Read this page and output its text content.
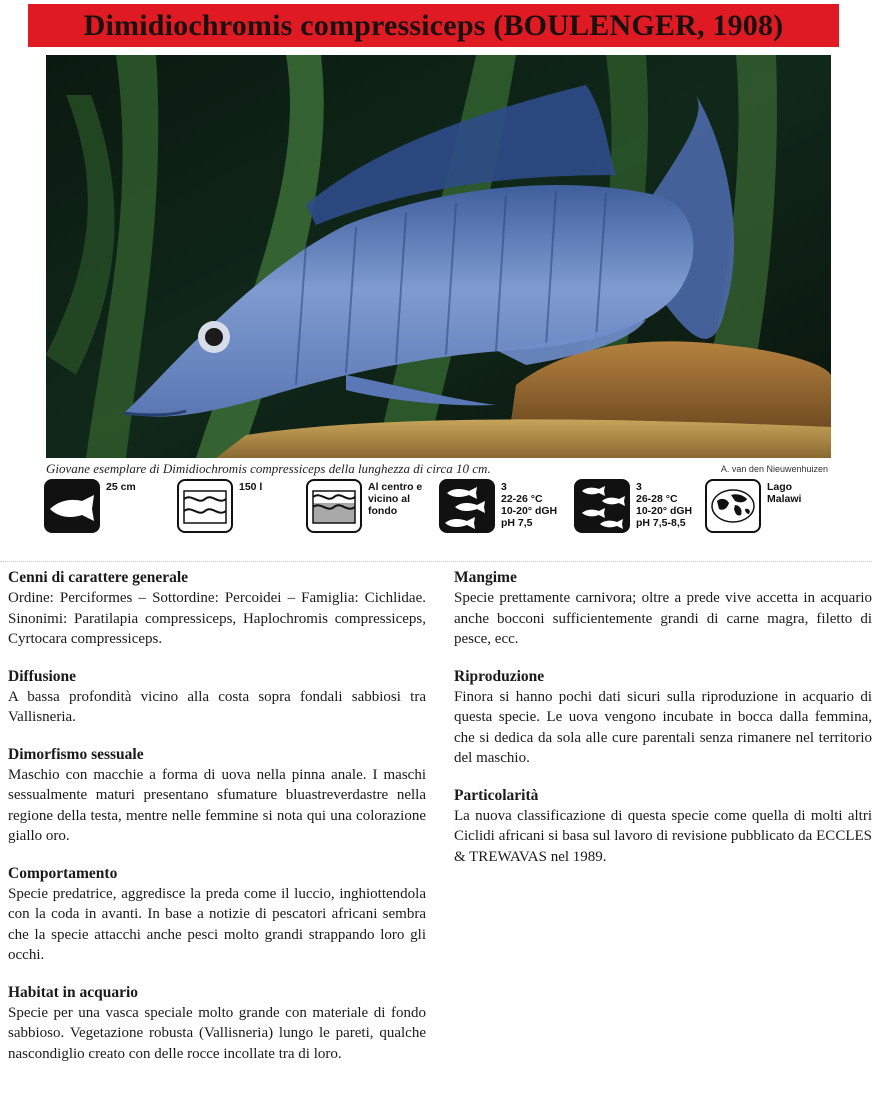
Dimidiochromis compressiceps (BOULENGER, 1908)
Giovane esemplare di Dimidiochromis compressiceps della lunghezza di circa 10 cm.	A. van den Nieuwenhuizen
25 cm	150 l	Al centro e
vicino al
fondo
3
22-26 °C
10-20° dGH
pH 7,5
3
26-28 °C
10-20° dGH
pH 7,5-8,5
Lago
Malawi
Cenni di carattere generale

Ordine: Perciformes – Sottordine: Percoidei – Famiglia: Cichlidae. Sinonimi: Paratilapia compressiceps, Haplochromis compressiceps, Cyrtocara compressiceps.

Diffusione

A bassa profondità vicino alla costa sopra fondali sabbiosi tra Vallisneria.

Dimorfismo sessuale

Maschio con macchie a forma di uova nella pinna anale. I maschi sessualmente maturi presentano sfumature bluastreverdastre nella regione della testa, mentre nelle femmine si nota qui una colorazione giallo oro.

Comportamento

Specie predatrice, aggredisce la preda come il luccio, inghiottendola con la coda in avanti. In base a notizie di pescatori africani sembra che la specie attacchi anche pesci molto grandi strappando loro gli occhi.

Habitat in acquario

Specie per una vasca speciale molto grande con materiale di fondo sabbioso. Vegetazione robusta (Vallisneria) lungo le pareti, qualche nascondiglio creato con delle rocce incollate tra di loro.

Mangime

Specie prettamente carnivora; oltre a prede vive accetta in acquario anche bocconi sufficientemente grandi di carne magra, filetto di pesce, ecc.

Riproduzione

Finora si hanno pochi dati sicuri sulla riproduzione in acquario di questa specie. Le uova vengono incubate in bocca dalla femmina, che si dedica da sola alle cure parentali senza rimanere nel territorio del maschio.

Particolarità

La nuova classificazione di questa specie come quella di molti altri Ciclidi africani si basa sul lavoro di revisione pubblicato da ECCLES & TREWAVAS nel 1989.
